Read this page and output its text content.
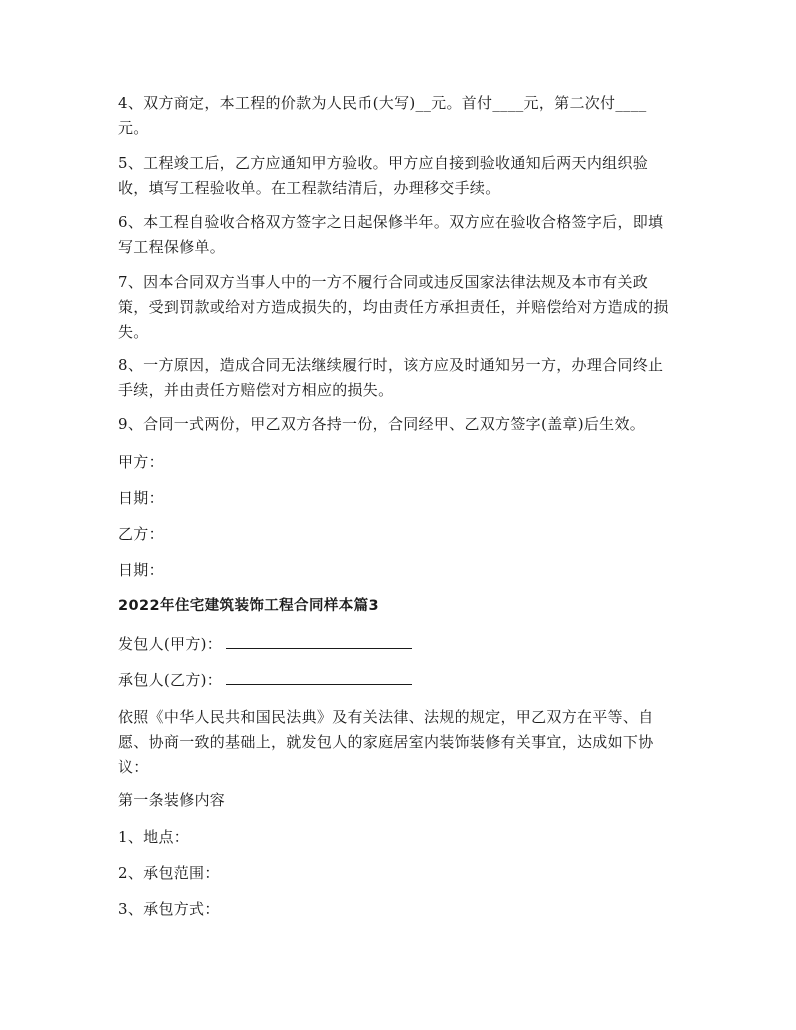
4、双方商定，本工程的价款为人民币(大写)__元。首付____元，第二次付____
元。

5、工程竣工后，乙方应通知甲方验收。甲方应自接到验收通知后两天内组织验
收，填写工程验收单。在工程款结清后，办理移交手续。

6、本工程自验收合格双方签字之日起保修半年。双方应在验收合格签字后，即填
写工程保修单。

7、因本合同双方当事人中的一方不履行合同或违反国家法律法规及本市有关政
策，受到罚款或给对方造成损失的，均由责任方承担责任，并赔偿给对方造成的损
失。

8、一方原因，造成合同无法继续履行时，该方应及时通知另一方，办理合同终止
手续，并由责任方赔偿对方相应的损失。

9、合同一式两份，甲乙双方各持一份，合同经甲、乙双方签字(盖章)后生效。

甲方：

日期：

乙方：

日期：

2022年住宅建筑装饰工程合同样本篇3

发包人(甲方)：

承包人(乙方)：

依照《中华人民共和国民法典》及有关法律、法规的规定，甲乙双方在平等、自
愿、协商一致的基础上，就发包人的家庭居室内装饰装修有关事宜，达成如下协
议：

第一条装修内容

1、地点：

2、承包范围：

3、承包方式：
